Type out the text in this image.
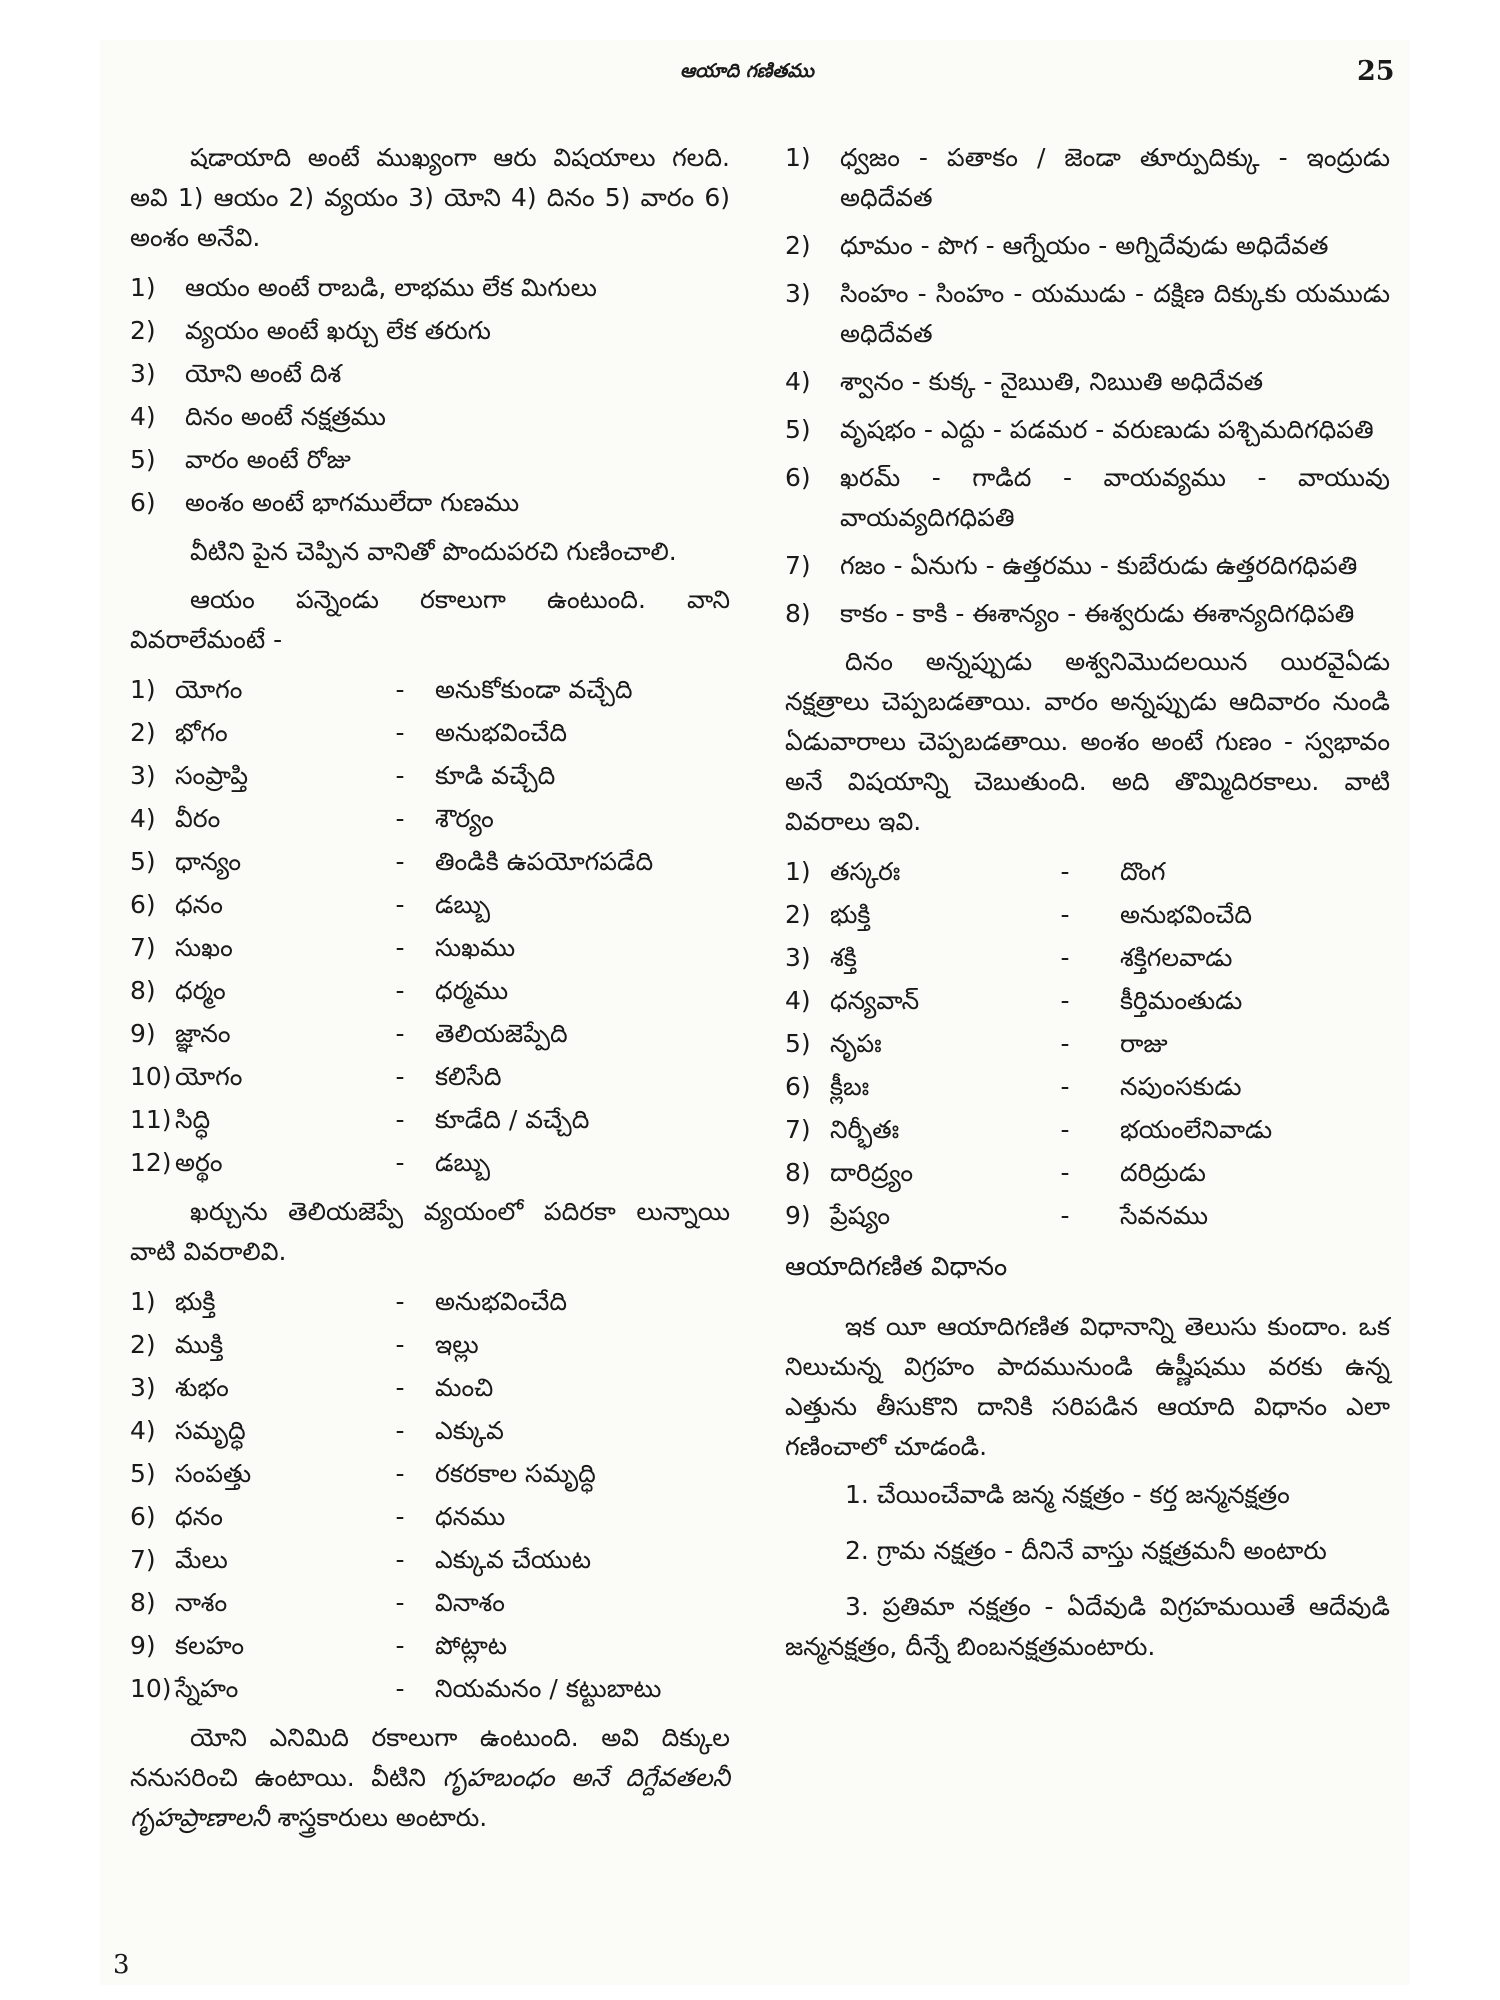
ఆయాది గణితము	25

షడాయాది అంటే ముఖ్యంగా ఆరు విషయాలు గలది. అవి 1) ఆయం 2) వ్యయం 3) యోని 4) దినం 5) వారం 6) అంశం అనేవి.

1)	ఆయం అంటే రాబడి, లాభము లేక మిగులు
2)	వ్యయం అంటే ఖర్చు లేక తరుగు
3)	యోని అంటే దిశ
4)	దినం అంటే నక్షత్రము
5)	వారం అంటే రోజు
6)	అంశం అంటే భాగములేదా గుణము

వీటిని పైన చెప్పిన వానితో పొందుపరచి గుణించాలి.

ఆయం పన్నెండు రకాలుగా ఉంటుంది. వాని వివరాలేమంటే -

1) యోగం	-	అనుకోకుండా వచ్చేది
2) భోగం	-	అనుభవించేది
3) సంప్రాప్తి	-	కూడి వచ్చేది
4) వీరం	-	శౌర్యం
5) ధాన్యం	-	తిండికి ఉపయోగపడేది
6) ధనం	-	డబ్బు
7) సుఖం	-	సుఖము
8) ధర్మం	-	ధర్మము
9) జ్ఞానం	-	తెలియజెప్పేది
10) యోగం	-	కలిసేది
11) సిద్ధి	-	కూడేది / వచ్చేది
12) అర్థం	-	డబ్బు

ఖర్చును తెలియజెప్పే వ్యయంలో పదిరకా లున్నాయి వాటి వివరాలివి.

1) భుక్తి	-	అనుభవించేది
2) ముక్తి	-	ఇల్లు
3) శుభం	-	మంచి
4) సమృద్ధి	-	ఎక్కువ
5) సంపత్తు	-	రకరకాల సమృద్ధి
6) ధనం	-	ధనము
7) మేలు	-	ఎక్కువ చేయుట
8) నాశం	-	వినాశం
9) కలహం	-	పోట్లాట
10) స్నేహం	-	నియమనం / కట్టుబాటు

యోని ఎనిమిది రకాలుగా ఉంటుంది. అవి దిక్కుల ననుసరించి ఉంటాయి. వీటిని గృహబంధం అనే దిగ్దేవతలనీ గృహప్రాణాలనీ శాస్త్రకారులు అంటారు.

1)	ధ్వజం - పతాకం / జెండా తూర్పుదిక్కు - ఇంద్రుడు అధిదేవత
2)	ధూమం - పొగ - ఆగ్నేయం - అగ్నిదేవుడు అధిదేవత
3)	సింహం - సింహం - యముడు - దక్షిణ దిక్కుకు యముడు అధిదేవత
4)	శ్వానం - కుక్క - నైఋతి, నిఋతి అధిదేవత
5)	వృషభం - ఎద్దు - పడమర - వరుణుడు పశ్చిమదిగధిపతి
6)	ఖరమ్ - గాడిద - వాయవ్యము - వాయువు వాయవ్యదిగధిపతి
7)	గజం - ఏనుగు - ఉత్తరము - కుబేరుడు ఉత్తరదిగధిపతి
8)	కాకం - కాకి - ఈశాన్యం - ఈశ్వరుడు ఈశాన్యదిగధిపతి

దినం అన్నప్పుడు అశ్వనిమొదలయిన యిరవైఏడు నక్షత్రాలు చెప్పబడతాయి. వారం అన్నప్పుడు ఆదివారం నుండి ఏడువారాలు చెప్పబడతాయి. అంశం అంటే గుణం - స్వభావం అనే విషయాన్ని చెబుతుంది. అది తొమ్మిదిరకాలు. వాటి వివరాలు ఇవి.

1) తస్కరః	-	దొంగ
2) భుక్తి	-	అనుభవించేది
3) శక్తి	-	శక్తిగలవాడు
4) ధన్యవాన్	-	కీర్తిమంతుడు
5) నృపః	-	రాజు
6) క్లీబః	-	నపుంసకుడు
7) నిర్భీతః	-	భయంలేనివాడు
8) దారిద్ర్యం	-	దరిద్రుడు
9) ప్రేష్యం	-	సేవనము
ఆయాదిగణిత విధానం

ఇక యీ ఆయాదిగణిత విధానాన్ని తెలుసు కుందాం. ఒక నిలుచున్న విగ్రహం పాదమునుండి ఉష్ణీషము వరకు ఉన్న ఎత్తును తీసుకొని దానికి సరిపడిన ఆయాది విధానం ఎలా గణించాలో చూడండి.

1. చేయించేవాడి జన్మ నక్షత్రం - కర్త జన్మనక్షత్రం

2. గ్రామ నక్షత్రం - దీనినే వాస్తు నక్షత్రమనీ అంటారు

3. ప్రతిమా నక్షత్రం - ఏదేవుడి విగ్రహమయితే ఆదేవుడి జన్మనక్షత్రం, దీన్నే బింబనక్షత్రమంటారు.

3
